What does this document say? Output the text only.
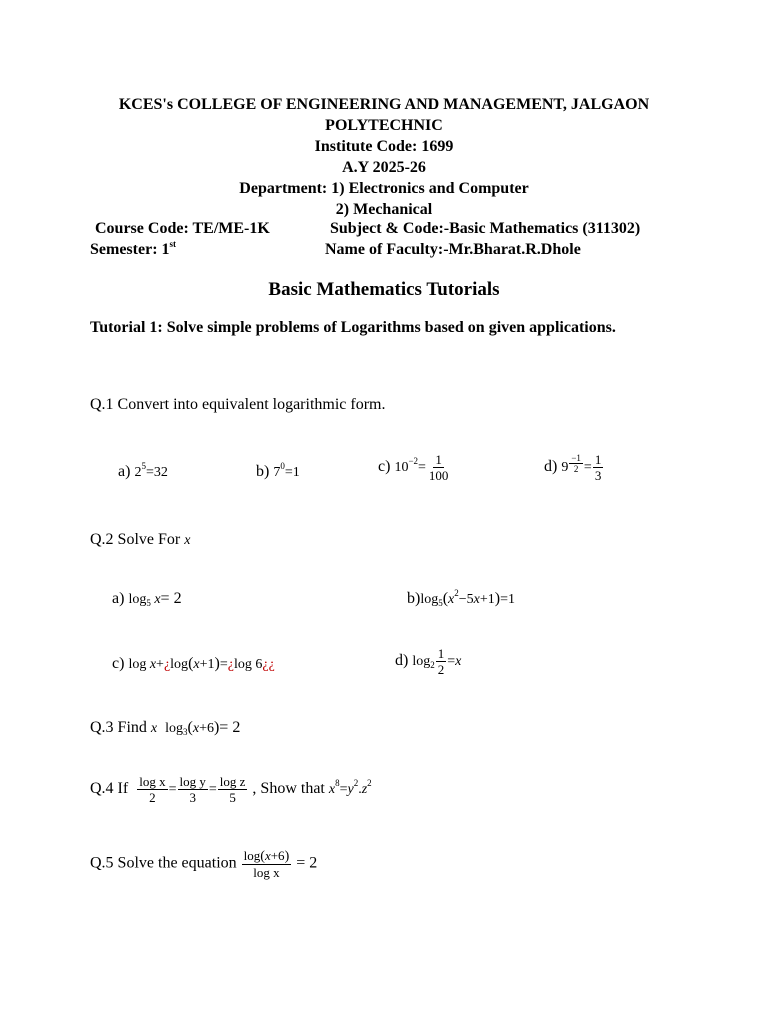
KCES's COLLEGE OF ENGINEERING AND MANAGEMENT, JALGAON
POLYTECHNIC
Institute Code: 1699
A.Y 2025-26
Department: 1) Electronics and Computer
2) Mechanical
Course Code: TE/ME-1K	Subject & Code:-Basic Mathematics (311302)
Semester: 1st	Name of Faculty:-Mr.Bharat.R.Dhole
Basic Mathematics Tutorials
Tutorial 1: Solve simple problems of Logarithms based on given applications.
Q.1 Convert into equivalent logarithmic form.
a) $2^5=32$	b) $7^0=1$	c) $10^{-2}= \frac{1}{100}$	d) $9 \frac{-1}{2} = \frac{1}{3}$
Q.2 Solve For x
a) $\log_5 x= 2$	$b)\log_5(x^2-5x+1)=1$
c) log x+¿log(x+1)=¿log 6¿¿	d) $\log_2 \frac{1}{2} =x$
Q.3 Find x $\log_3(x+6)= 2$
Q.4 If $\frac{\text{log x}}{2} = \frac{\text{log y}}{3} = \frac{\text{log z}}{5}$ , Show that $x^8=y^2.z^2$
Q.5 Solve the equation $\frac{\log(x+6)}{\text{log x}} = 2$
